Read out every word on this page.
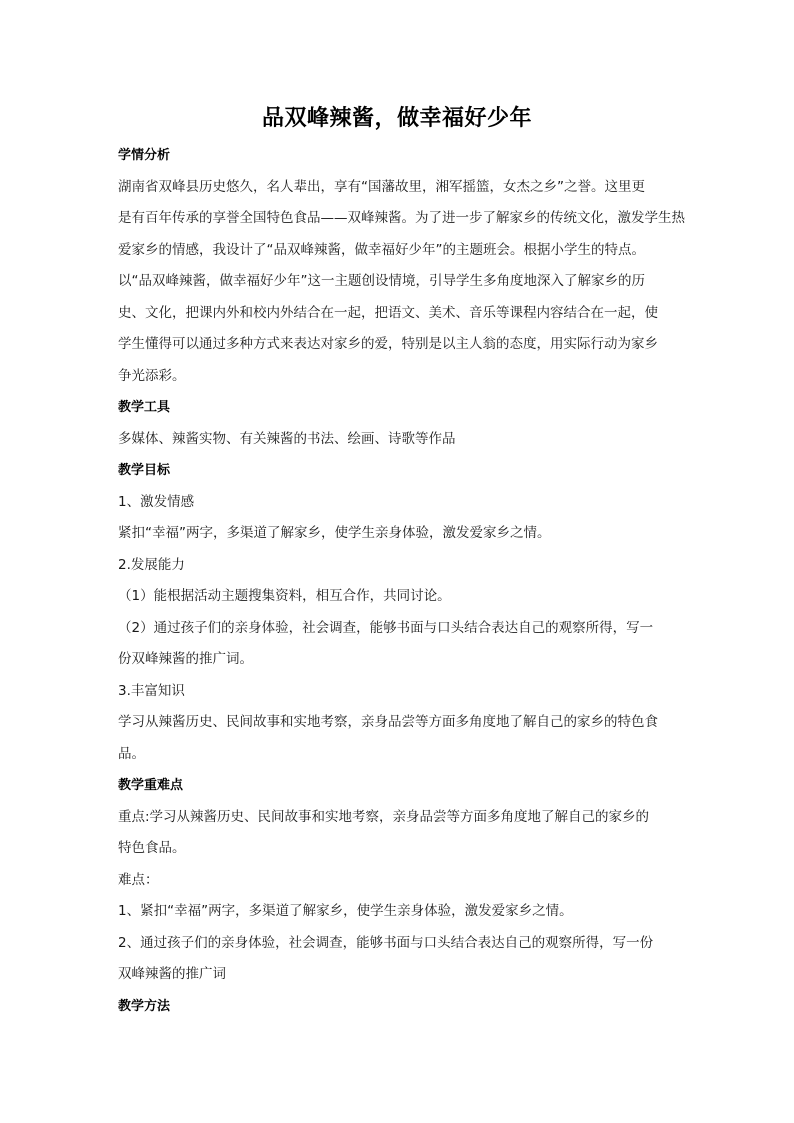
品双峰辣酱，做幸福好少年
学情分析
湖南省双峰县历史悠久，名人辈出，享有“国藩故里，湘军摇篮，女杰之乡”之誉。这里更
是有百年传承的享誉全国特色食品——双峰辣酱。为了进一步了解家乡的传统文化，激发学生热
爱家乡的情感，我设计了“品双峰辣酱，做幸福好少年”的主题班会。根据小学生的特点。
以“品双峰辣酱，做幸福好少年”这一主题创设情境，引导学生多角度地深入了解家乡的历
史、文化，把课内外和校内外结合在一起，把语文、美术、音乐等课程内容结合在一起，使
学生懂得可以通过多种方式来表达对家乡的爱，特别是以主人翁的态度，用实际行动为家乡
争光添彩。
教学工具
多媒体、辣酱实物、有关辣酱的书法、绘画、诗歌等作品
教学目标
1、激发情感
紧扣“幸福”两字，多渠道了解家乡，使学生亲身体验，激发爱家乡之情。
2.发展能力
（1）能根据活动主题搜集资料，相互合作，共同讨论。
（2）通过孩子们的亲身体验，社会调查，能够书面与口头结合表达自己的观察所得，写一
份双峰辣酱的推广词。
3.丰富知识
学习从辣酱历史、民间故事和实地考察，亲身品尝等方面多角度地了解自己的家乡的特色食
品。
教学重难点
重点:学习从辣酱历史、民间故事和实地考察，亲身品尝等方面多角度地了解自己的家乡的
特色食品。
难点：
1、紧扣“幸福”两字，多渠道了解家乡，使学生亲身体验，激发爱家乡之情。
2、通过孩子们的亲身体验，社会调查，能够书面与口头结合表达自己的观察所得，写一份
双峰辣酱的推广词
教学方法
